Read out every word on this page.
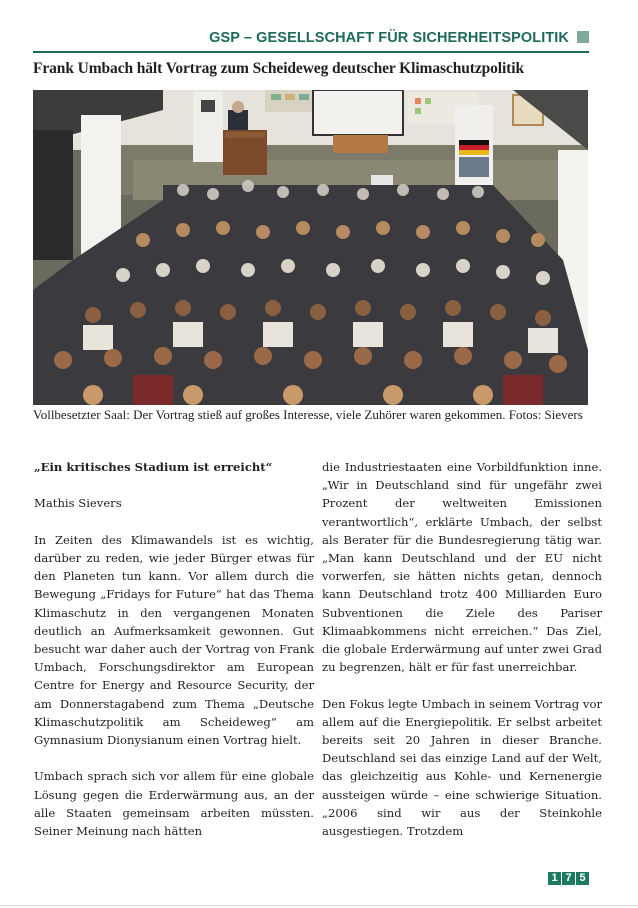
GSP – GESELLSCHAFT FÜR SICHERHEITSPOLITIK
Frank Umbach hält Vortrag zum Scheideweg deutscher Klimaschutzpolitik
Vollbesetzter Saal: Der Vortrag stieß auf großes Interesse, viele Zuhörer waren gekommen. Fotos: Sievers

„Ein kritisches Stadium ist erreicht“

Mathis Sievers

In Zeiten des Klimawandels ist es wichtig, darüber zu reden, wie jeder Bürger etwas für den Planeten tun kann. Vor allem durch die Bewegung „Fridays for Future“ hat das Thema Klimaschutz in den vergangenen Monaten deutlich an Aufmerksamkeit gewonnen. Gut besucht war daher auch der Vortrag von Frank Umbach, Forschungsdirektor am European Centre for Energy and Resource Security, der am Donnerstagabend zum Thema „Deutsche Klimaschutzpolitik am Scheideweg“ am Gymnasium Dionysianum einen Vortrag hielt.

Umbach sprach sich vor allem für eine globale Lösung gegen die Erderwärmung aus, an der alle Staaten gemeinsam arbeiten müssten. Seiner Meinung nach hätten

die Industriestaaten eine Vorbildfunktion inne. „Wir in Deutschland sind für ungefähr zwei Prozent der weltweiten Emissionen verantwortlich“, erklärte Umbach, der selbst als Berater für die Bundesregierung tätig war. „Man kann Deutschland und der EU nicht vorwerfen, sie hätten nichts getan, dennoch kann Deutschland trotz 400 Milliarden Euro Subventionen die Ziele des Pariser Klimaabkommens nicht erreichen.“ Das Ziel, die globale Erderwärmung auf unter zwei Grad zu begrenzen, hält er für fast unerreichbar.

Den Fokus legte Umbach in seinem Vortrag vor allem auf die Energiepolitik. Er selbst arbeitet bereits seit 20 Jahren in dieser Branche. Deutschland sei das einzige Land auf der Welt, das gleichzeitig aus Kohle- und Kernenergie aussteigen würde – eine schwierige Situation. „2006 sind wir aus der Steinkohle ausgestiegen. Trotzdem

1 7 5
